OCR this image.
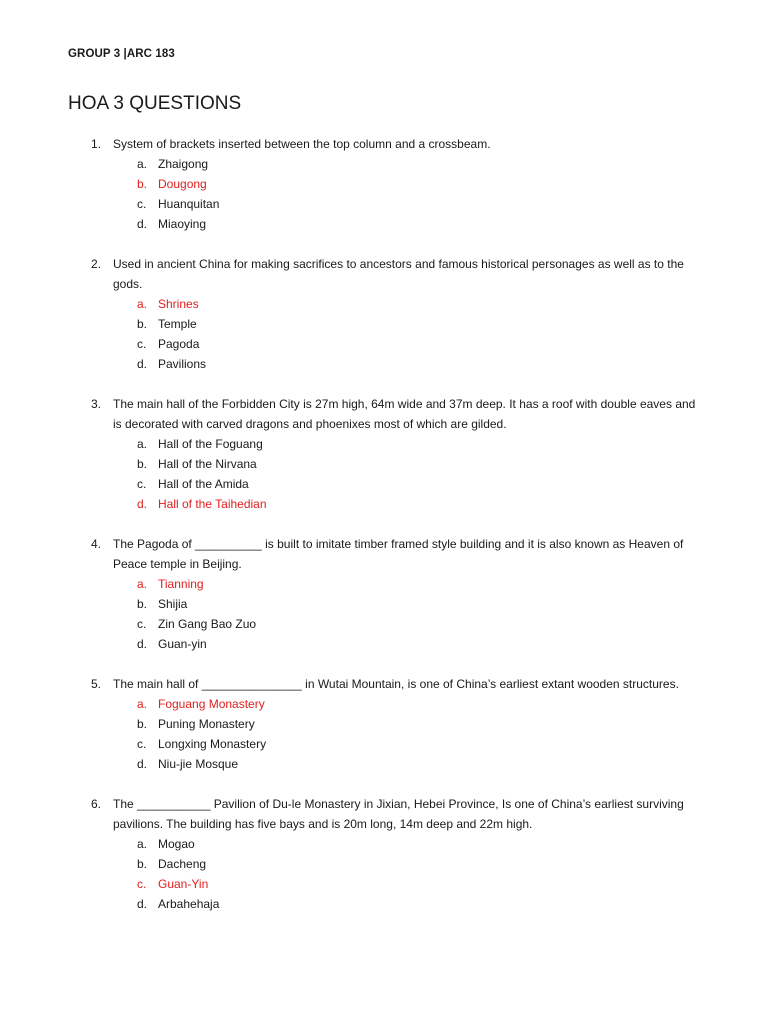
GROUP 3 |ARC 183
HOA 3 QUESTIONS
1. System of brackets inserted between the top column and a crossbeam.
a. Zhaigong
b. Dougong
c. Huanquitan
d. Miaoying
2. Used in ancient China for making sacrifices to ancestors and famous historical personages as well as to the gods.
a. Shrines
b. Temple
c. Pagoda
d. Pavilions
3. The main hall of the Forbidden City is 27m high, 64m wide and 37m deep. It has a roof with double eaves and is decorated with carved dragons and phoenixes most of which are gilded.
a. Hall of the Foguang
b. Hall of the Nirvana
c. Hall of the Amida
d. Hall of the Taihedian
4. The Pagoda of __________ is built to imitate timber framed style building and it is also known as Heaven of Peace temple in Beijing.
a. Tianning
b. Shijia
c. Zin Gang Bao Zuo
d. Guan-yin
5. The main hall of _______________ in Wutai Mountain, is one of China’s earliest extant wooden structures.
a. Foguang Monastery
b. Puning Monastery
c. Longxing Monastery
d. Niu-jie Mosque
6. The ___________ Pavilion of Du-le Monastery in Jixian, Hebei Province, Is one of China’s earliest surviving pavilions. The building has five bays and is 20m long, 14m deep and 22m high.
a. Mogao
b. Dacheng
c. Guan-Yin
d. Arbahehaja
